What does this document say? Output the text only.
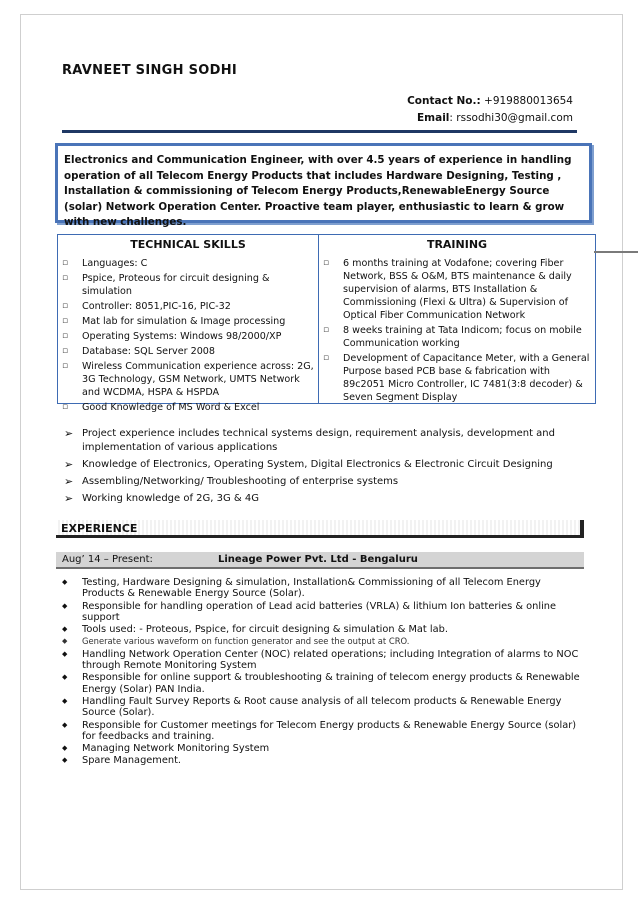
RAVNEET SINGH SODHI
Contact No.: +919880013654
Email: rssodhi30@gmail.com
Electronics and Communication Engineer, with over 4.5 years of experience in handling operation of all Telecom Energy Products that includes Hardware Designing, Testing , Installation & commissioning of Telecom Energy Products,RenewableEnergy Source (solar) Network Operation Center. Proactive team player, enthusiastic to learn & grow with new challenges.
TECHNICAL SKILLS
▫ Languages: C
▫ Pspice, Proteous for circuit designing & simulation
▫ Controller: 8051,PIC-16, PIC-32
▫ Mat lab for simulation & Image processing
▫ Operating Systems: Windows 98/2000/XP
▫ Database: SQL Server 2008
▫ Wireless Communication experience across: 2G, 3G Technology, GSM Network, UMTS Network and WCDMA, HSPA & HSPDA
▫ Good Knowledge of MS Word & Excel
TRAINING
▫ 6 months training at Vodafone; covering Fiber Network, BSS & O&M, BTS maintenance & daily supervision of alarms, BTS Installation & Commissioning (Flexi & Ultra) & Supervision of Optical Fiber Communication Network
▫ 8 weeks training at Tata Indicom; focus on mobile Communication working
▫ Development of Capacitance Meter, with a General Purpose based PCB base & fabrication with 89c2051 Micro Controller, IC 7481(3:8 decoder) & Seven Segment Display
➢ Project experience includes technical systems design, requirement analysis, development and implementation of various applications
➢ Knowledge of Electronics, Operating System, Digital Electronics & Electronic Circuit Designing
➢ Assembling/Networking/ Troubleshooting of enterprise systems
➢ Working knowledge of 2G, 3G & 4G
EXPERIENCE
Aug’ 14 – Present:	Lineage Power Pvt. Ltd - Bengaluru
◆ Testing, Hardware Designing & simulation, Installation& Commissioning of all Telecom Energy Products & Renewable Energy Source (Solar).
◆ Responsible for handling operation of Lead acid batteries (VRLA) & lithium Ion batteries & online support
◆ Tools used: - Proteous, Pspice, for circuit designing & simulation & Mat lab.
◆ Generate various waveform on function generator and see the output at CRO.
◆ Handling Network Operation Center (NOC) related operations; including Integration of alarms to NOC through Remote Monitoring System
◆ Responsible for online support & troubleshooting & training of telecom energy products & Renewable Energy (Solar) PAN India.
◆ Handling Fault Survey Reports & Root cause analysis of all telecom products & Renewable Energy Source (Solar).
◆ Responsible for Customer meetings for Telecom Energy products & Renewable Energy Source (solar) for feedbacks and training.
◆ Managing Network Monitoring System
◆ Spare Management.
